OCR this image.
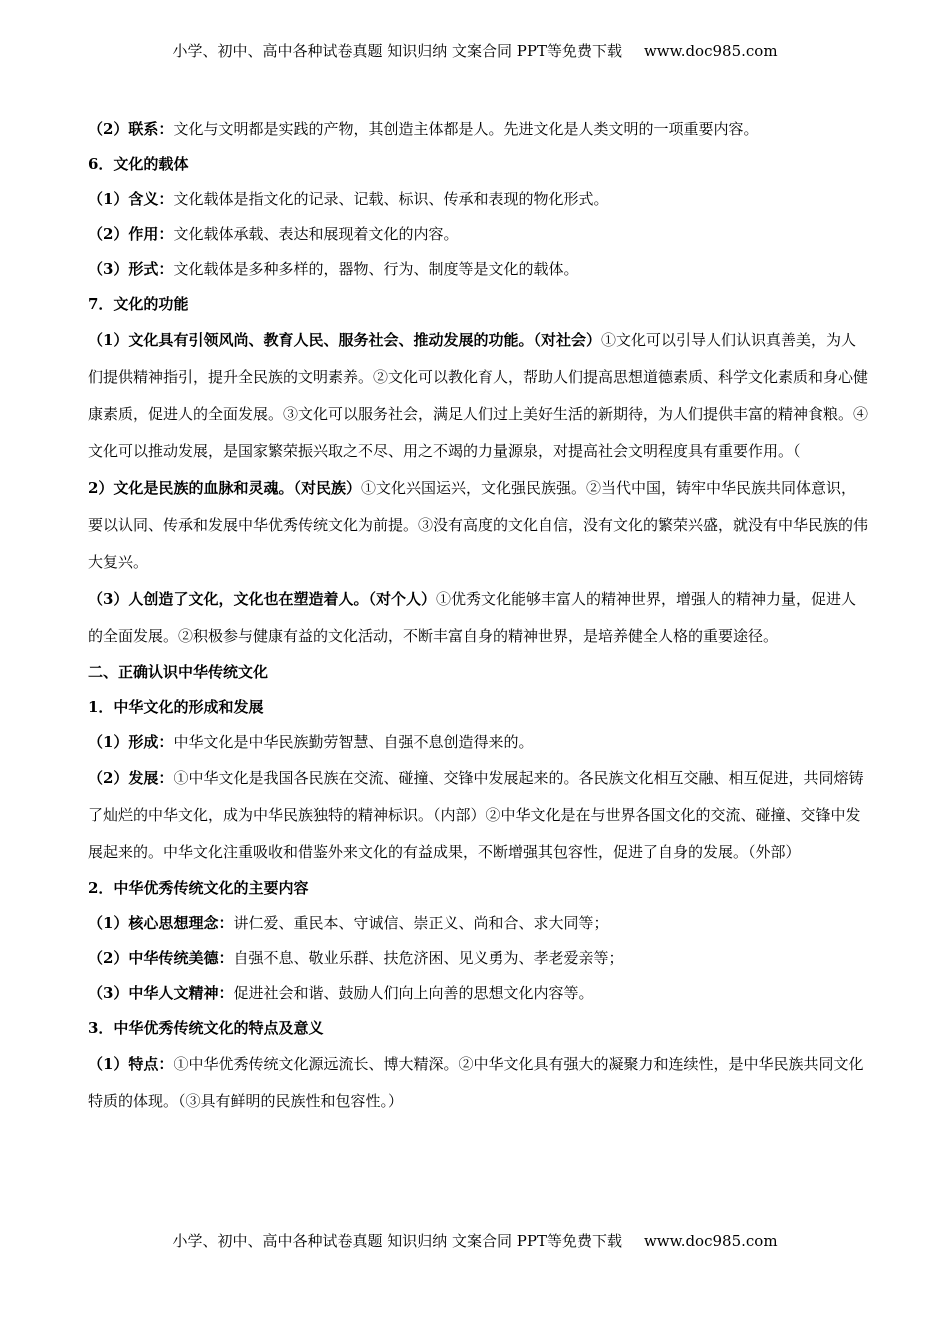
小学、初中、高中各种试卷真题 知识归纳 文案合同 PPT等免费下载 www.doc985.com

（2）联系：文化与文明都是实践的产物，其创造主体都是人。先进文化是人类文明的一项重要内容。

6．文化的载体

（1）含义：文化载体是指文化的记录、记载、标识、传承和表现的物化形式。

（2）作用：文化载体承载、表达和展现着文化的内容。

（3）形式：文化载体是多种多样的，器物、行为、制度等是文化的载体。

7．文化的功能

（1）文化具有引领风尚、教育人民、服务社会、推动发展的功能。（对社会）①文化可以引导人们认识真善美，为人们提供精神指引，提升全民族的文明素养。②文化可以教化育人，帮助人们提高思想道德素质、科学文化素质和身心健康素质，促进人的全面发展。③文化可以服务社会，满足人们过上美好生活的新期待，为人们提供丰富的精神食粮。④文化可以推动发展，是国家繁荣振兴取之不尽、用之不竭的力量源泉，对提高社会文明程度具有重要作用。（

2）文化是民族的血脉和灵魂。（对民族）①文化兴国运兴，文化强民族强。②当代中国，铸牢中华民族共同体意识，要以认同、传承和发展中华优秀传统文化为前提。③没有高度的文化自信，没有文化的繁荣兴盛，就没有中华民族的伟大复兴。

（3）人创造了文化，文化也在塑造着人。（对个人）①优秀文化能够丰富人的精神世界，增强人的精神力量，促进人的全面发展。②积极参与健康有益的文化活动，不断丰富自身的精神世界，是培养健全人格的重要途径。

二、正确认识中华传统文化

1．中华文化的形成和发展

（1）形成：中华文化是中华民族勤劳智慧、自强不息创造得来的。

（2）发展：①中华文化是我国各民族在交流、碰撞、交锋中发展起来的。各民族文化相互交融、相互促进，共同熔铸了灿烂的中华文化，成为中华民族独特的精神标识。（内部）②中华文化是在与世界各国文化的交流、碰撞、交锋中发展起来的。中华文化注重吸收和借鉴外来文化的有益成果，不断增强其包容性，促进了自身的发展。（外部）

2．中华优秀传统文化的主要内容

（1）核心思想理念：讲仁爱、重民本、守诚信、崇正义、尚和合、求大同等；

（2）中华传统美德：自强不息、敬业乐群、扶危济困、见义勇为、孝老爱亲等；

（3）中华人文精神：促进社会和谐、鼓励人们向上向善的思想文化内容等。

3．中华优秀传统文化的特点及意义

（1）特点：①中华优秀传统文化源远流长、博大精深。②中华文化具有强大的凝聚力和连续性，是中华民族共同文化特质的体现。（③具有鲜明的民族性和包容性。）

小学、初中、高中各种试卷真题 知识归纳 文案合同 PPT等免费下载 www.doc985.com
